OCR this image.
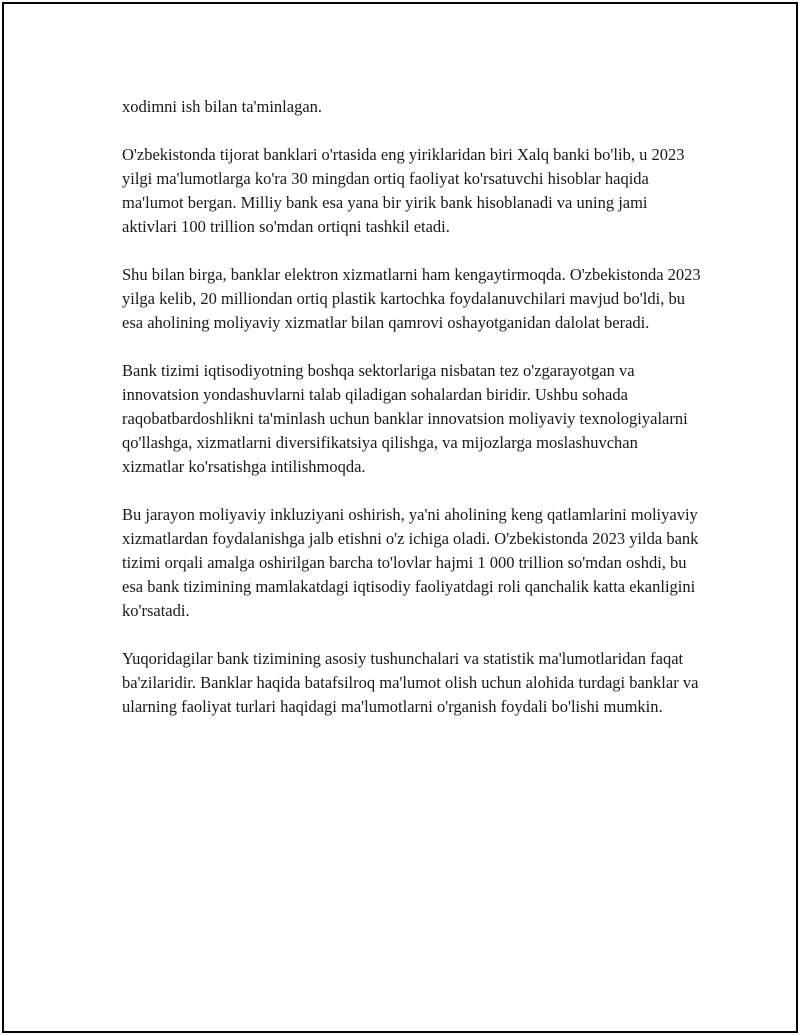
xodimni ish bilan ta'minlagan.

O'zbekistonda tijorat banklari o'rtasida eng yiriklaridan biri Xalq banki bo'lib, u 2023 yilgi ma'lumotlarga ko'ra 30 mingdan ortiq faoliyat ko'rsatuvchi hisoblar haqida ma'lumot bergan. Milliy bank esa yana bir yirik bank hisoblanadi va uning jami aktivlari 100 trillion so'mdan ortiqni tashkil etadi.

Shu bilan birga, banklar elektron xizmatlarni ham kengaytirmoqda. O'zbekistonda 2023 yilga kelib, 20 milliondan ortiq plastik kartochka foydalanuvchilari mavjud bo'ldi, bu esa aholining moliyaviy xizmatlar bilan qamrovi oshayotganidan dalolat beradi.

Bank tizimi iqtisodiyotning boshqa sektorlariga nisbatan tez o'zgarayotgan va innovatsion yondashuvlarni talab qiladigan sohalardan biridir. Ushbu sohada raqobatbardoshlikni ta'minlash uchun banklar innovatsion moliyaviy texnologiyalarni qo'llashga, xizmatlarni diversifikatsiya qilishga, va mijozlarga moslashuvchan xizmatlar ko'rsatishga intilishmoqda.

Bu jarayon moliyaviy inkluziyani oshirish, ya'ni aholining keng qatlamlarini moliyaviy xizmatlardan foydalanishga jalb etishni o'z ichiga oladi. O'zbekistonda 2023 yilda bank tizimi orqali amalga oshirilgan barcha to'lovlar hajmi 1 000 trillion so'mdan oshdi, bu esa bank tizimining mamlakatdagi iqtisodiy faoliyatdagi roli qanchalik katta ekanligini ko'rsatadi.

Yuqoridagilar bank tizimining asosiy tushunchalari va statistik ma'lumotlaridan faqat ba'zilaridir. Banklar haqida batafsilroq ma'lumot olish uchun alohida turdagi banklar va ularning faoliyat turlari haqidagi ma'lumotlarni o'rganish foydali bo'lishi mumkin.
